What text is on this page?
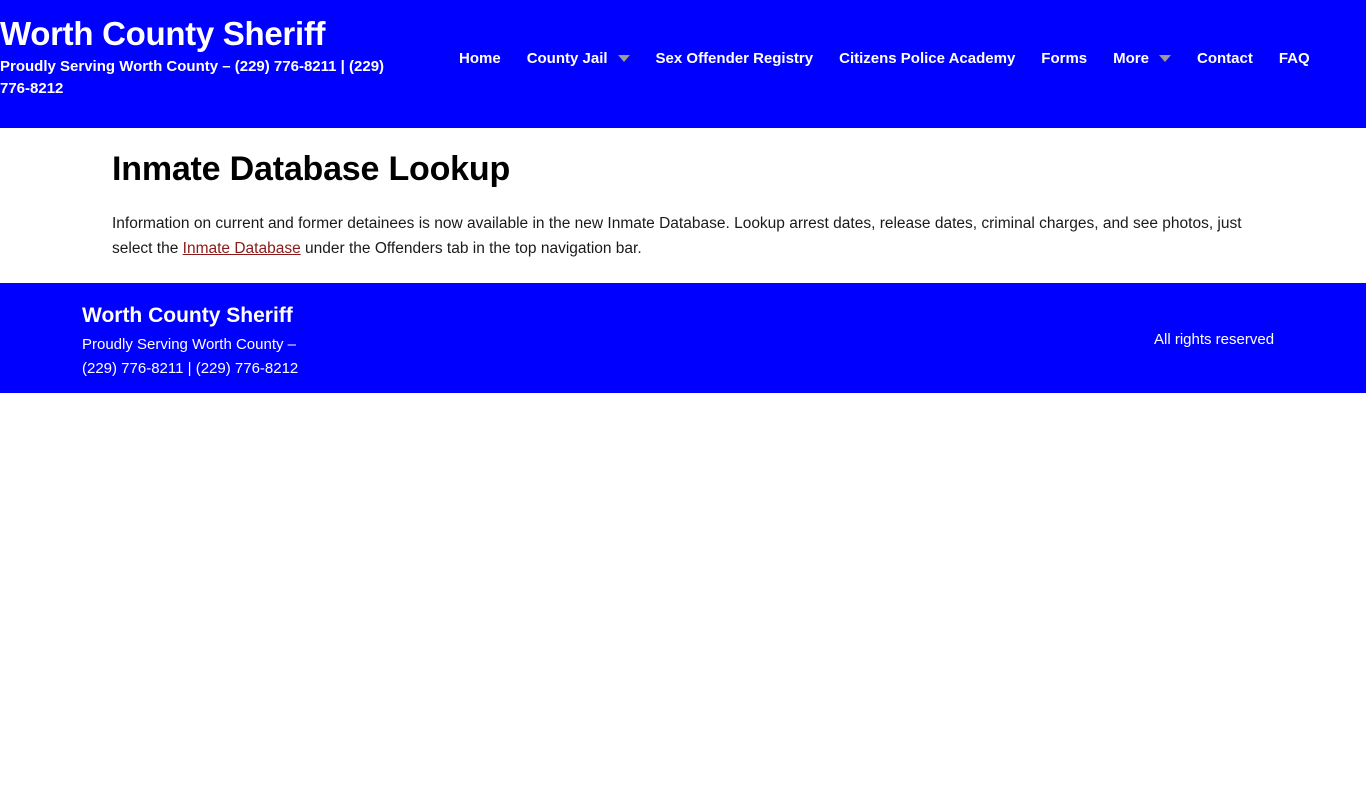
Worth County Sheriff
Proudly Serving Worth County – (229) 776-8211 | (229) 776-8212
Home County Jail	Sex Offender Registry Citizens Police Academy Forms More	Contact FAQ
Inmate Database Lookup

Information on current and former detainees is now available in the new Inmate Database. Lookup arrest dates, release dates, criminal charges, and see photos, just select the Inmate Database under the Offenders tab in the top navigation bar.

Worth County Sheriff
Proudly Serving Worth County –
(229) 776-8211 | (229) 776-8212
All rights reserved
